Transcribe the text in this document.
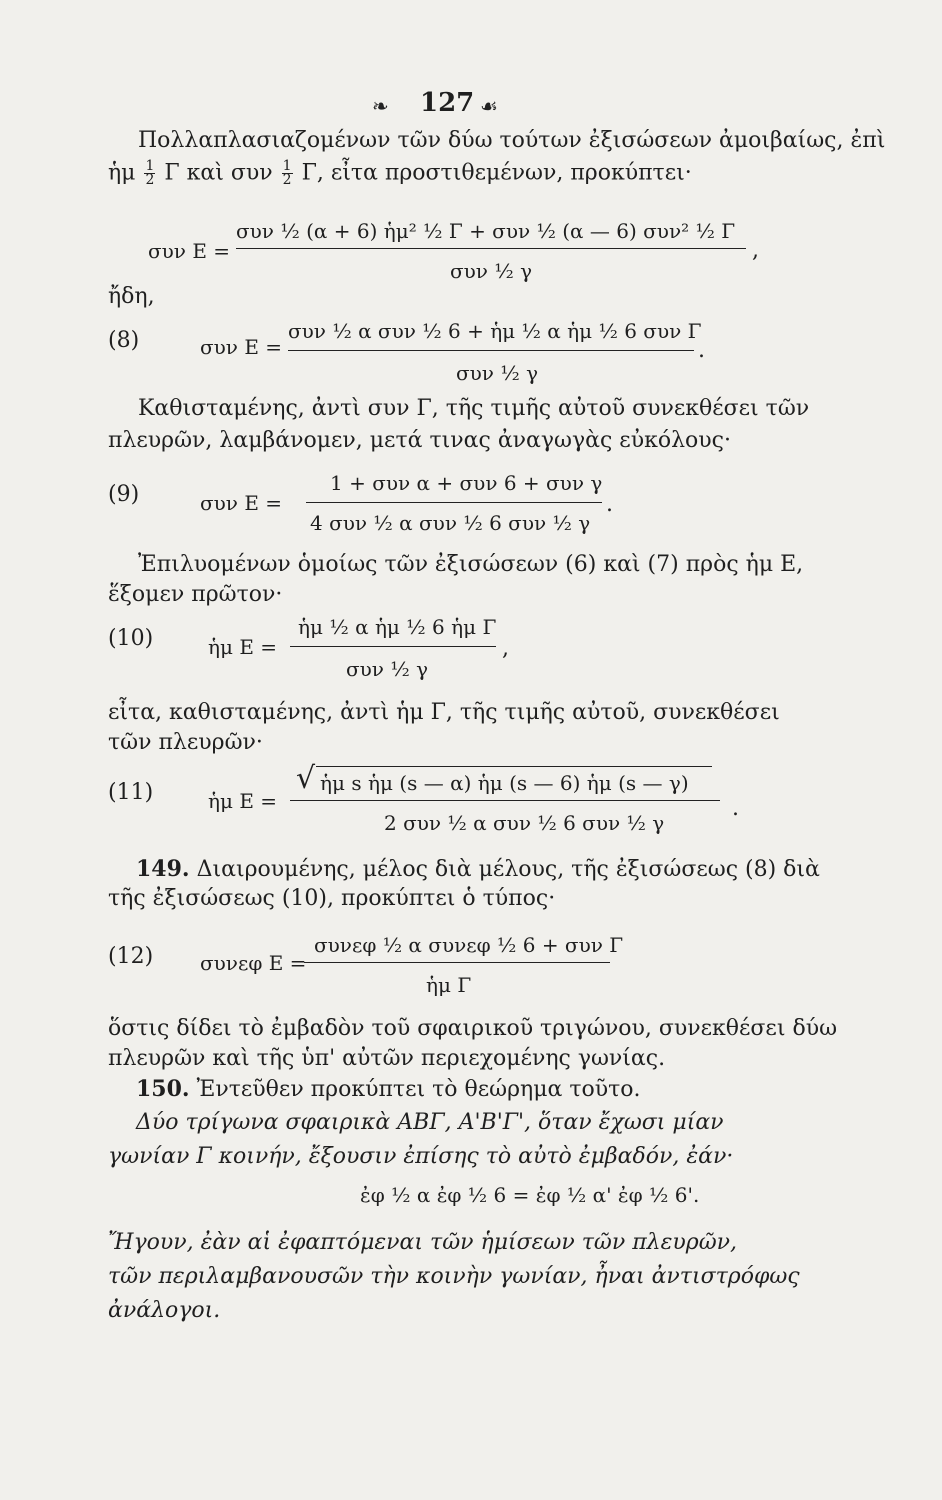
❧ 127 ☙
Πολλαπλασιαζομένων τῶν δύω τούτων ἐξισώσεων ἀμοιβαίως, ἐπὶ
ἡμ $\frac{1}{2}$ Γ καὶ συν $\frac{1}{2} \Gamma$, εἶτα προστιθεμένων, προκύπτει·
συν E =
συν ½ (α + 6) ἡμ² ½ Γ + συν ½ (α — 6) συν² ½ Γ
συν ½ γ
,
ἤδη,
(8)	συν E =
συν ½ α συν ½ 6 + ἡμ ½ α ἡμ ½ 6 συν Γ
συν ½ γ
.
Καθισταμένης, ἀντὶ συν Γ, τῆς τιμῆς αὐτοῦ συνεκθέσει τῶν
πλευρῶν, λαμβάνομεν, μετά τινας ἀναγωγὰς εὐκόλους·
(9)	συν E =
1 + συν α + συν 6 + συν γ
4 συν ½ α συν ½ 6 συν ½ γ
.
Ἐπιλυομένων ὁμοίως τῶν ἐξισώσεων (6) καὶ (7) πρὸς ἡμ E,
ἕξομεν πρῶτον·
(10)	ἡμ E =
ἡμ ½ α ἡμ ½ 6 ἡμ Γ
συν ½ γ
,
εἶτα, καθισταμένης, ἀντὶ ἡμ Γ, τῆς τιμῆς αὐτοῦ, συνεκθέσει
τῶν πλευρῶν·
(11)	ἡμ E =
√ ἡμ s ἡμ (s — α) ἡμ (s — 6) ἡμ (s — γ)
2 συν ½ α συν ½ 6 συν ½ γ
.
149. Διαιρουμένης, μέλος διὰ μέλους, τῆς ἐξισώσεως (8) διὰ
τῆς ἐξισώσεως (10), προκύπτει ὁ τύπος·
(12) συνεφ E =
συνεφ ½ α συνεφ ½ 6 + συν Γ
ἡμ Γ
ὅστις δίδει τὸ ἐμβαδὸν τοῦ σφαιρικοῦ τριγώνου, συνεκθέσει δύω
πλευρῶν καὶ τῆς ὑπ' αὐτῶν περιεχομένης γωνίας.
150. Ἐντεῦθεν προκύπτει τὸ θεώρημα τοῦτο.
Δύο τρίγωνα σφαιρικὰ ΑΒΓ, Α'Β'Γ', ὅταν ἔχωσι μίαν
γωνίαν Γ κοινήν, ἔξουσιν ἐπίσης τὸ αὐτὸ ἐμβαδόν, ἐάν·
ἐφ ½ α ἐφ ½ 6 = ἐφ ½ α' ἐφ ½ 6'.
Ἤγουν, ἐὰν αἱ ἐφαπτόμεναι τῶν ἡμίσεων τῶν πλευρῶν,
τῶν περιλαμβανουσῶν τὴν κοινὴν γωνίαν, ἦναι ἀντιστρόφως
ἀνάλογοι.
